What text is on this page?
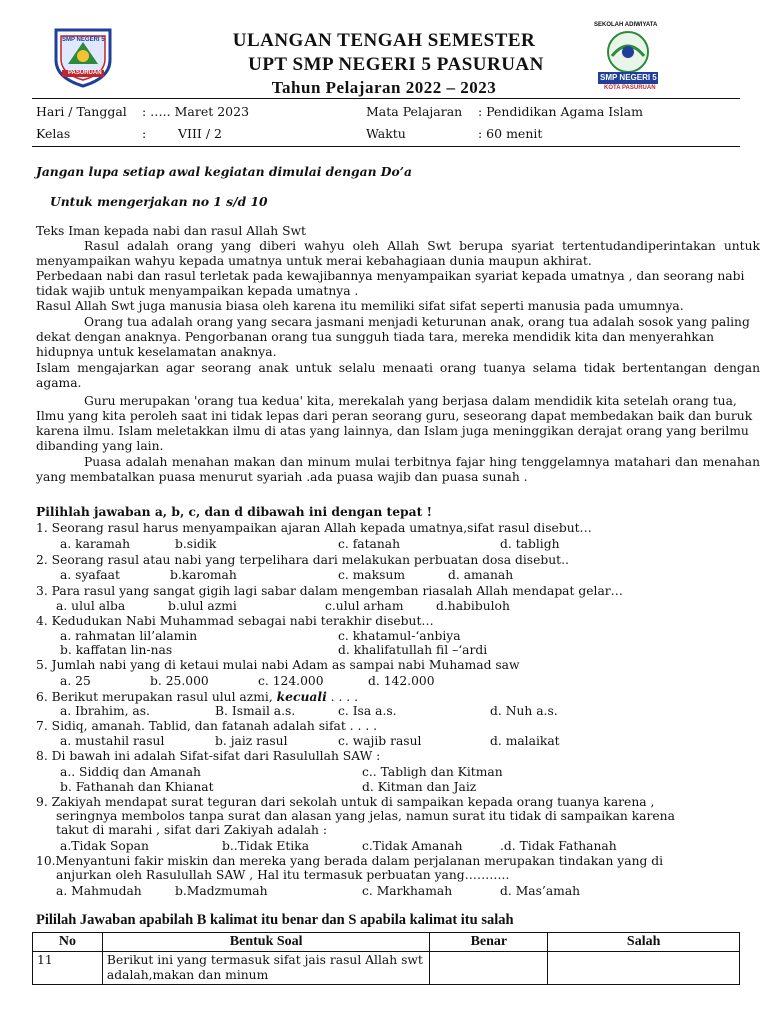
SMP NEGERI 5
PASURUAN
ULANGAN TENGAH SEMESTER
UPT SMP NEGERI 5 PASURUAN
Tahun Pelajaran 2022 – 2023
SEKOLAH ADIWIYATA
SMP NEGERI 5
KOTA PASURUAN
Hari / Tanggal : ….. Maret 2023	Mata Pelajaran : Pendidikan Agama Islam
Kelas	:	VIII / 2	Waktu	: 60 menit
Jangan lupa setiap awal kegiatan dimulai dengan Do’a
Untuk mengerjakan no 1 s/d 10
Teks Iman kepada nabi dan rasul Allah Swt
Rasul adalah orang yang diberi wahyu oleh Allah Swt berupa syariat tertentudandiperintakan untuk menyampaikan wahyu kepada umatnya untuk merai kebahagiaan dunia maupun akhirat.
Perbedaan nabi dan rasul terletak pada kewajibannya menyampaikan syariat kepada umatnya , dan seorang nabi tidak wajib untuk menyampaikan kepada umatnya .
Rasul Allah Swt juga manusia biasa oleh karena itu memiliki sifat sifat seperti manusia pada umumnya.
Orang tua adalah orang yang secara jasmani menjadi keturunan anak, orang tua adalah sosok yang paling dekat dengan anaknya. Pengorbanan orang tua sungguh tiada tara, mereka mendidik kita dan menyerahkan hidupnya untuk keselamatan anaknya.
Islam mengajarkan agar seorang anak untuk selalu menaati orang tuanya selama tidak bertentangan dengan agama.
Guru merupakan 'orang tua kedua' kita, merekalah yang berjasa dalam mendidik kita setelah orang tua, Ilmu yang kita peroleh saat ini tidak lepas dari peran seorang guru, seseorang dapat membedakan baik dan buruk karena ilmu. Islam meletakkan ilmu di atas yang lainnya, dan Islam juga meninggikan derajat orang yang berilmu dibanding yang lain.
Puasa adalah menahan makan dan minum mulai terbitnya fajar hing tenggelamnya matahari dan menahan yang membatalkan puasa menurut syariah .ada puasa wajib dan puasa sunah .
Pilihlah jawaban a, b, c, dan d dibawah ini dengan tepat !
1. Seorang rasul harus menyampaikan ajaran Allah kepada umatnya,sifat rasul disebut…
a. karamah	b.sidik	c. fatanah	d. tabligh
2. Seorang rasul atau nabi yang terpelihara dari melakukan perbuatan dosa disebut..
a. syafaat	b.karomah	c. maksum	d. amanah
3. Para rasul yang sangat gigih lagi sabar dalam mengemban riasalah Allah mendapat gelar…
a. ulul alba	b.ulul azmi	c.ulul arham	d.habibuloh
4. Kedudukan Nabi Muhammad sebagai nabi terakhir disebut…
a. rahmatan lil’alamin	c. khatamul-‘anbiya
b. kaffatan lin-nas	d. khalifatullah fil –‘ardi
5. Jumlah nabi yang di ketaui mulai nabi Adam as sampai nabi Muhamad saw
a. 25	b. 25.000	c. 124.000	d. 142.000
6. Berikut merupakan rasul ulul azmi, kecuali . . . .
a. Ibrahim, as.	B. Ismail a.s.	c. Isa a.s.	d. Nuh a.s.
7. Sidiq, amanah. Tablid, dan fatanah adalah sifat . . . .
a. mustahil rasul	b. jaiz rasul	c. wajib rasul	d. malaikat
8. Di bawah ini adalah Sifat-sifat dari Rasulullah SAW :
a.. Siddiq dan Amanah	c.. Tabligh dan Kitman
b. Fathanah dan Khianat	d. Kitman dan Jaiz
9. Zakiyah mendapat surat teguran dari sekolah untuk di sampaikan kepada orang tuanya karena ,
seringnya membolos tanpa surat dan alasan yang jelas, namun surat itu tidak di sampaikan karena
takut di marahi , sifat dari Zakiyah adalah :
a.Tidak Sopan	b..Tidak Etika	c.Tidak Amanah	.d. Tidak Fathanah
10.Menyantuni fakir miskin dan mereka yang berada dalam perjalanan merupakan tindakan yang di
anjurkan oleh Rasulullah SAW , Hal itu termasuk perbuatan yang………..
a. Mahmudah	b.Madzmumah	c. Markhamah	d. Mas’amah
Pililah Jawaban apabilah B kalimat itu benar dan S apabila kalimat itu salah
No	Bentuk Soal	Benar	Salah
11	Berikut ini yang termasuk sifat jais rasul Allah swt adalah,makan dan minum		
